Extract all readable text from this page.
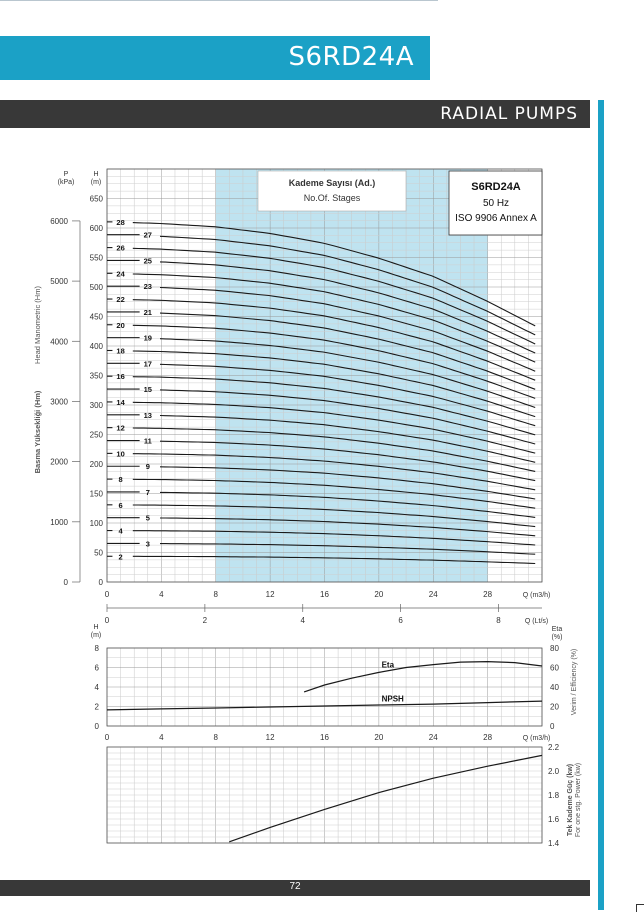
S6RD24A
RADIAL PUMPS
0
50
100
150
200
250
300
350
400
450
500
550
600
650
0
1000
2000
3000
4000
5000
6000
P
(kPa)
H
(m)
Head Manometric (Hm)
Basma Yüksekliği (Hm)
0	4	8	12	16	20	24	28	Q (m3/h)
2
3
4
5
6
7
8
9
10
11
12
13
14
15
16
17
18
19
20
21
22
23
24
25
26
27
28
Kademe Sayısı (Ad.)
No.Of. Stages
S6RD24A
50 Hz
ISO 9906 Annex A
0	2	4	6	8	Q (Lt/s)
0
2
4
6
8
0
20
40
60
80
H
(m)
Eta
(%)
Verim / Efficiency (%)
0	4	8	12	16	20	24	28	Q (m3/h)
Eta
NPSH
1.4
1.6
1.8
2.0
2.2
Tek Kademe Güç (kw) For one stg. Power (kw)
72
